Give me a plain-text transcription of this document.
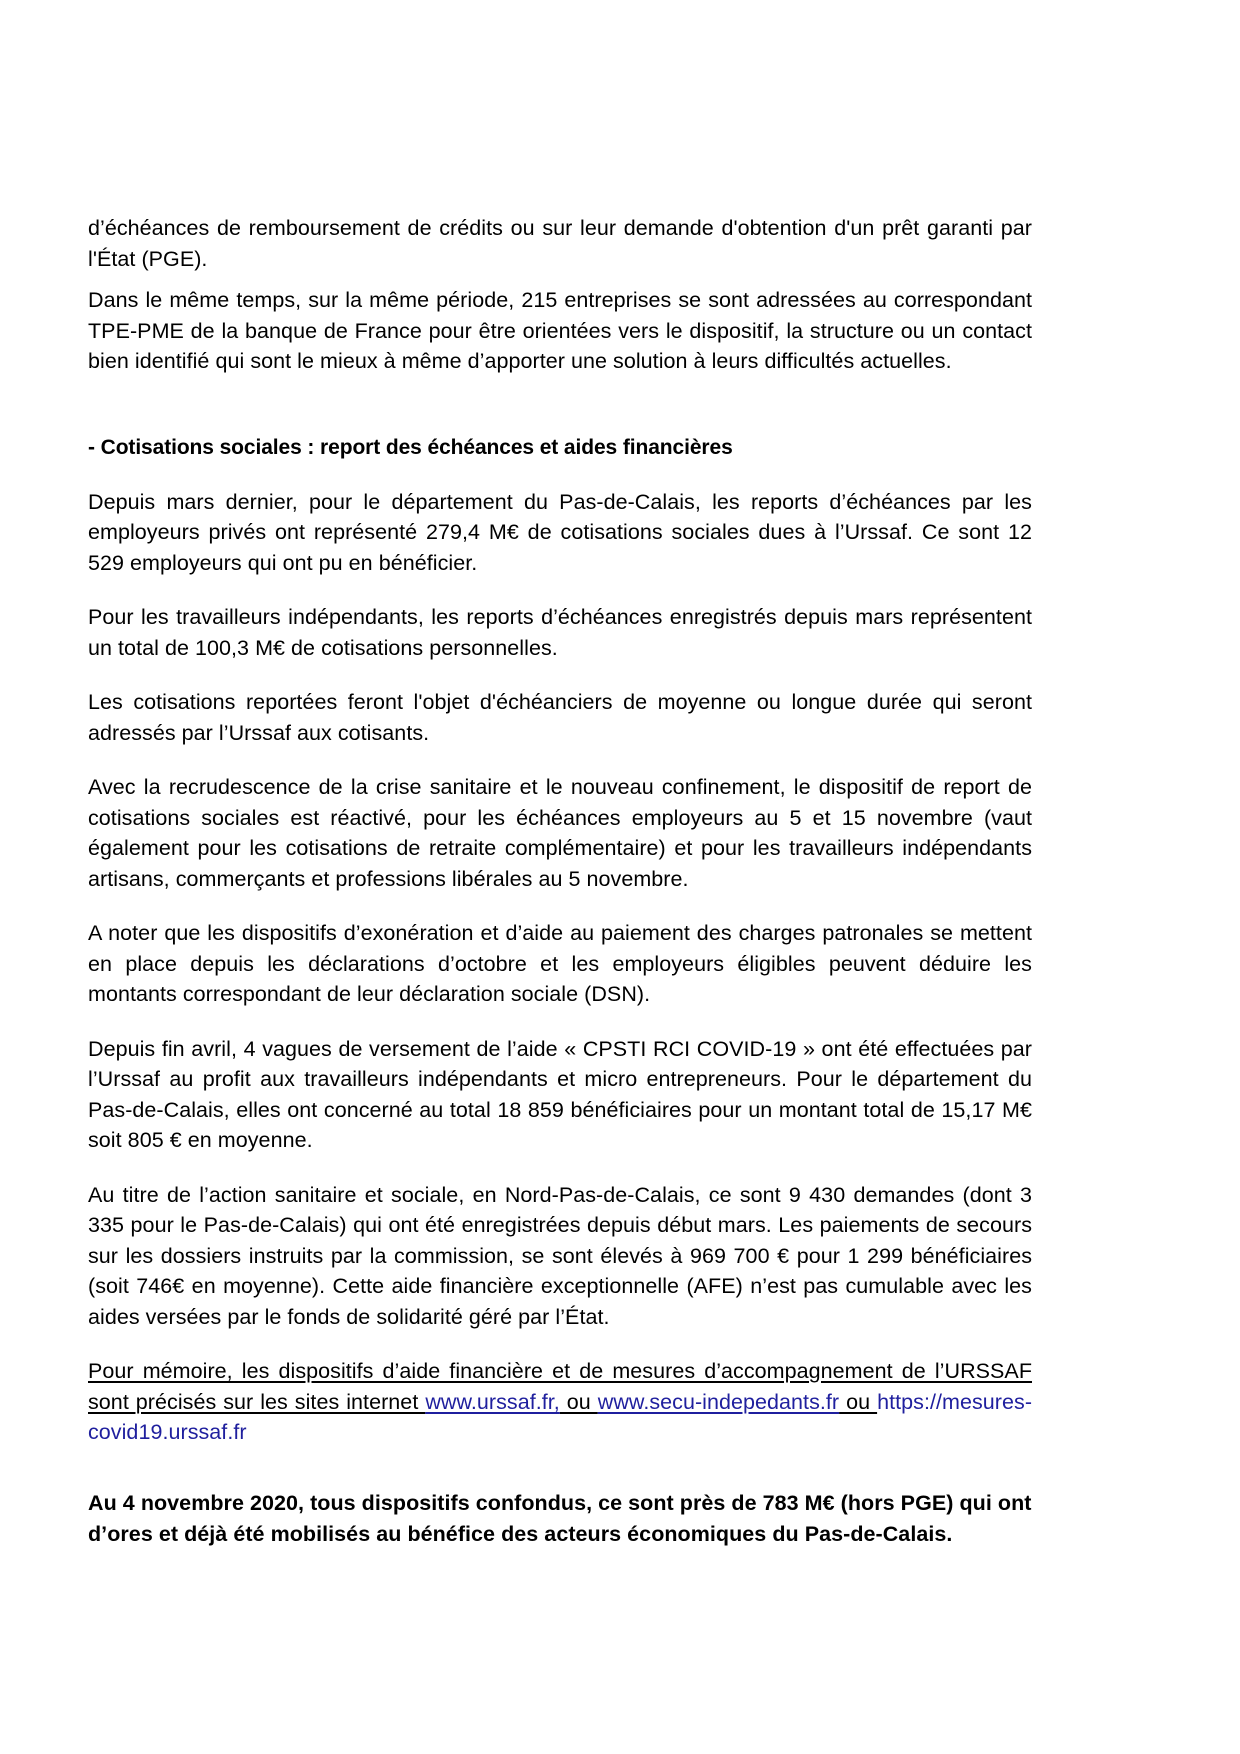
d’échéances de remboursement de crédits ou sur leur demande d'obtention d'un prêt garanti par l'État (PGE).

Dans le même temps, sur la même période, 215 entreprises se sont adressées au correspondant TPE-PME de la banque de France pour être orientées vers le dispositif, la structure ou un contact bien identifié qui sont le mieux à même d’apporter une solution à leurs difficultés actuelles.

- Cotisations sociales : report des échéances et aides financières

Depuis mars dernier, pour le département du Pas-de-Calais, les reports d’échéances par les employeurs privés ont représenté 279,4 M€ de cotisations sociales dues à l’Urssaf. Ce sont 12 529 employeurs qui ont pu en bénéficier.

Pour les travailleurs indépendants, les reports d’échéances enregistrés depuis mars représentent un total de 100,3 M€ de cotisations personnelles.

Les cotisations reportées feront l'objet d'échéanciers de moyenne ou longue durée qui seront adressés par l’Urssaf aux cotisants.

Avec la recrudescence de la crise sanitaire et le nouveau confinement, le dispositif de report de cotisations sociales est réactivé, pour les échéances employeurs au 5 et 15 novembre (vaut également pour les cotisations de retraite complémentaire) et pour les travailleurs indépendants artisans, commerçants et professions libérales au 5 novembre.

A noter que les dispositifs d’exonération et d’aide au paiement des charges patronales se mettent en place depuis les déclarations d’octobre et les employeurs éligibles peuvent déduire les montants correspondant de leur déclaration sociale (DSN).

Depuis fin avril, 4 vagues de versement de l’aide « CPSTI RCI COVID-19 » ont été effectuées par l’Urssaf au profit aux travailleurs indépendants et micro entrepreneurs. Pour le département du Pas-de-Calais, elles ont concerné au total 18 859 bénéficiaires pour un montant total de 15,17 M€ soit 805 € en moyenne.

Au titre de l’action sanitaire et sociale, en Nord-Pas-de-Calais, ce sont 9 430 demandes (dont 3 335 pour le Pas-de-Calais) qui ont été enregistrées depuis début mars. Les paiements de secours sur les dossiers instruits par la commission, se sont élevés à 969 700 € pour 1 299 bénéficiaires (soit 746€ en moyenne). Cette aide financière exceptionnelle (AFE) n’est pas cumulable avec les aides versées par le fonds de solidarité géré par l’État.

Pour mémoire, les dispositifs d’aide financière et de mesures d’accompagnement de l’URSSAF sont précisés sur les sites internet www.urssaf.fr, ou www.secu-indepedants.fr ou https://mesures-covid19.urssaf.fr

Au 4 novembre 2020, tous dispositifs confondus, ce sont près de 783 M€ (hors PGE) qui ont d’ores et déjà été mobilisés au bénéfice des acteurs économiques du Pas-de-Calais.
